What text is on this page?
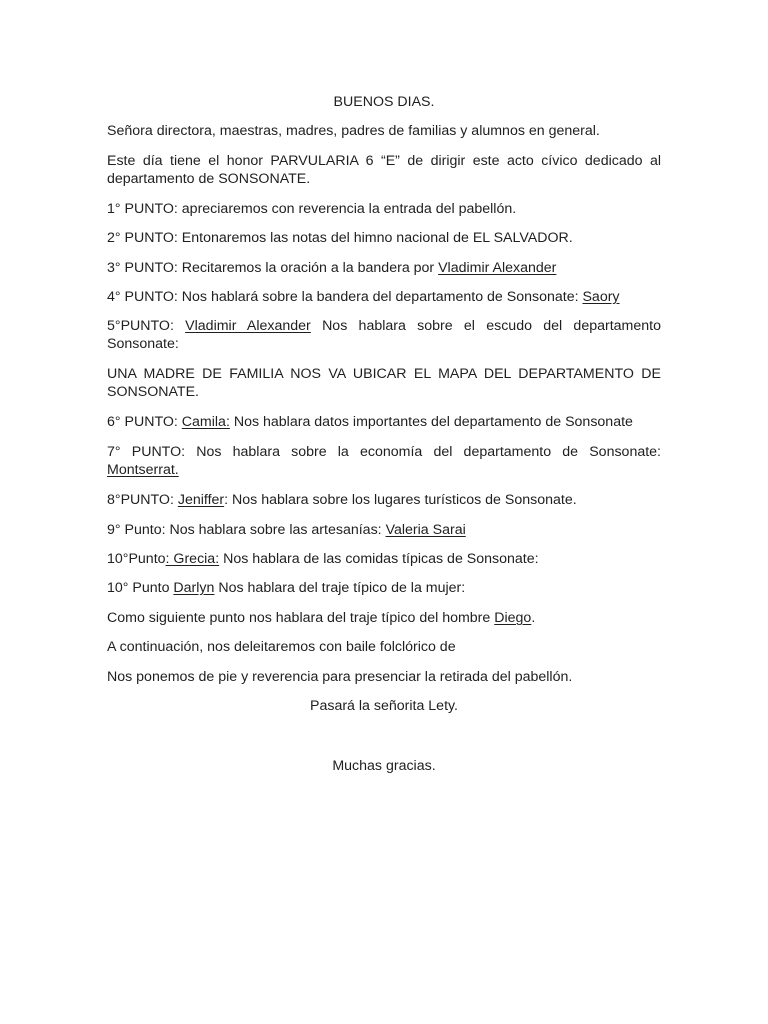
BUENOS DIAS.

Señora directora, maestras, madres, padres de familias y alumnos en general.

Este día tiene el honor PARVULARIA 6 “E” de dirigir este acto cívico dedicado al departamento de SONSONATE.

1° PUNTO: apreciaremos con reverencia la entrada del pabellón.

2° PUNTO: Entonaremos las notas del himno nacional de EL SALVADOR.

3° PUNTO: Recitaremos la oración a la bandera por Vladimir Alexander

4° PUNTO: Nos hablará sobre la bandera del departamento de Sonsonate: Saory

5°PUNTO: Vladimir Alexander Nos hablara sobre el escudo del departamento Sonsonate:

UNA MADRE DE FAMILIA NOS VA UBICAR EL MAPA DEL DEPARTAMENTO DE SONSONATE.

6° PUNTO: Camila: Nos hablara datos importantes del departamento de Sonsonate

7° PUNTO: Nos hablara sobre la economía del departamento de Sonsonate: Montserrat.

8°PUNTO: Jeniffer: Nos hablara sobre los lugares turísticos de Sonsonate.

9° Punto: Nos hablara sobre las artesanías: Valeria Sarai

10°Punto: Grecia: Nos hablara de las comidas típicas de Sonsonate:

10° Punto Darlyn Nos hablara del traje típico de la mujer:

Como siguiente punto nos hablara del traje típico del hombre Diego.

A continuación, nos deleitaremos con baile folclórico de

Nos ponemos de pie y reverencia para presenciar la retirada del pabellón.

Pasará la señorita Lety.

Muchas gracias.
